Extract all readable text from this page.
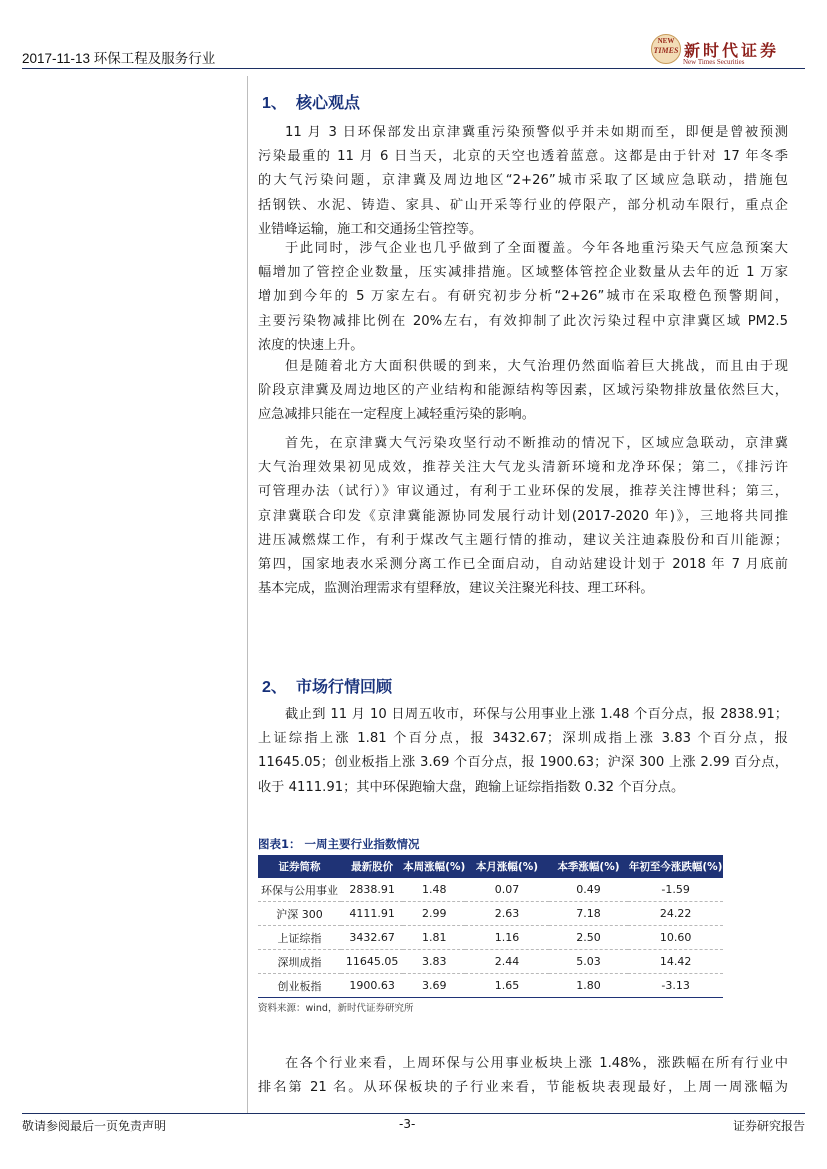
2017-11-13 环保工程及服务行业
NEW
TIMES 新时代证券
New Times Securities
1、 核心观点
11 月 3 日环保部发出京津冀重污染预警似乎并未如期而至，即便是曾被预测
污染最重的 11 月 6 日当天，北京的天空也透着蓝意。这都是由于针对 17 年冬季
的大气污染问题，京津冀及周边地区“2+26”城市采取了区域应急联动，措施包
括钢铁、水泥、铸造、家具、矿山开采等行业的停限产，部分机动车限行，重点企
业错峰运输，施工和交通扬尘管控等。
于此同时，涉气企业也几乎做到了全面覆盖。今年各地重污染天气应急预案大
幅增加了管控企业数量，压实减排措施。区域整体管控企业数量从去年的近 1 万家
增加到今年的 5 万家左右。有研究初步分析“2+26”城市在采取橙色预警期间，
主要污染物减排比例在 20%左右，有效抑制了此次污染过程中京津冀区域 PM2.5
浓度的快速上升。
但是随着北方大面积供暖的到来，大气治理仍然面临着巨大挑战，而且由于现
阶段京津冀及周边地区的产业结构和能源结构等因素，区域污染物排放量依然巨大，
应急减排只能在一定程度上减轻重污染的影响。
首先，在京津冀大气污染攻坚行动不断推动的情况下，区域应急联动，京津冀
大气治理效果初见成效，推荐关注大气龙头清新环境和龙净环保；第二，《排污许
可管理办法（试行）》审议通过，有利于工业环保的发展，推荐关注博世科；第三，
京津冀联合印发《京津冀能源协同发展行动计划(2017-2020 年)》，三地将共同推
进压减燃煤工作，有利于煤改气主题行情的推动，建议关注迪森股份和百川能源；
第四，国家地表水采测分离工作已全面启动，自动站建设计划于 2018 年 7 月底前
基本完成，监测治理需求有望释放，建议关注聚光科技、理工环科。
2、 市场行情回顾
截止到 11 月 10 日周五收市，环保与公用事业上涨 1.48 个百分点，报 2838.91；
上证综指上涨 1.81 个百分点，报 3432.67；深圳成指上涨 3.83 个百分点，报
11645.05；创业板指上涨 3.69 个百分点，报 1900.63；沪深 300 上涨 2.99 百分点，
收于 4111.91；其中环保跑输大盘，跑输上证综指指数 0.32 个百分点。
图表1： 一周主要行业指数情况
证券简称	最新股价	本周涨幅(%)	本月涨幅(%)	本季涨幅(%)	年初至今涨跌幅(%)
环保与公用事业	2838.91	1.48	0.07	0.49	-1.59
沪深 300	4111.91	2.99	2.63	7.18	24.22
上证综指	3432.67	1.81	1.16	2.50	10.60
深圳成指	11645.05	3.83	2.44	5.03	14.42
创业板指	1900.63	3.69	1.65	1.80	-3.13
资料来源：wind，新时代证券研究所
在各个行业来看，上周环保与公用事业板块上涨 1.48%，涨跌幅在所有行业中
排名第 21 名。从环保板块的子行业来看，节能板块表现最好，上周一周涨幅为
敬请参阅最后一页免责声明	-3-	证券研究报告
